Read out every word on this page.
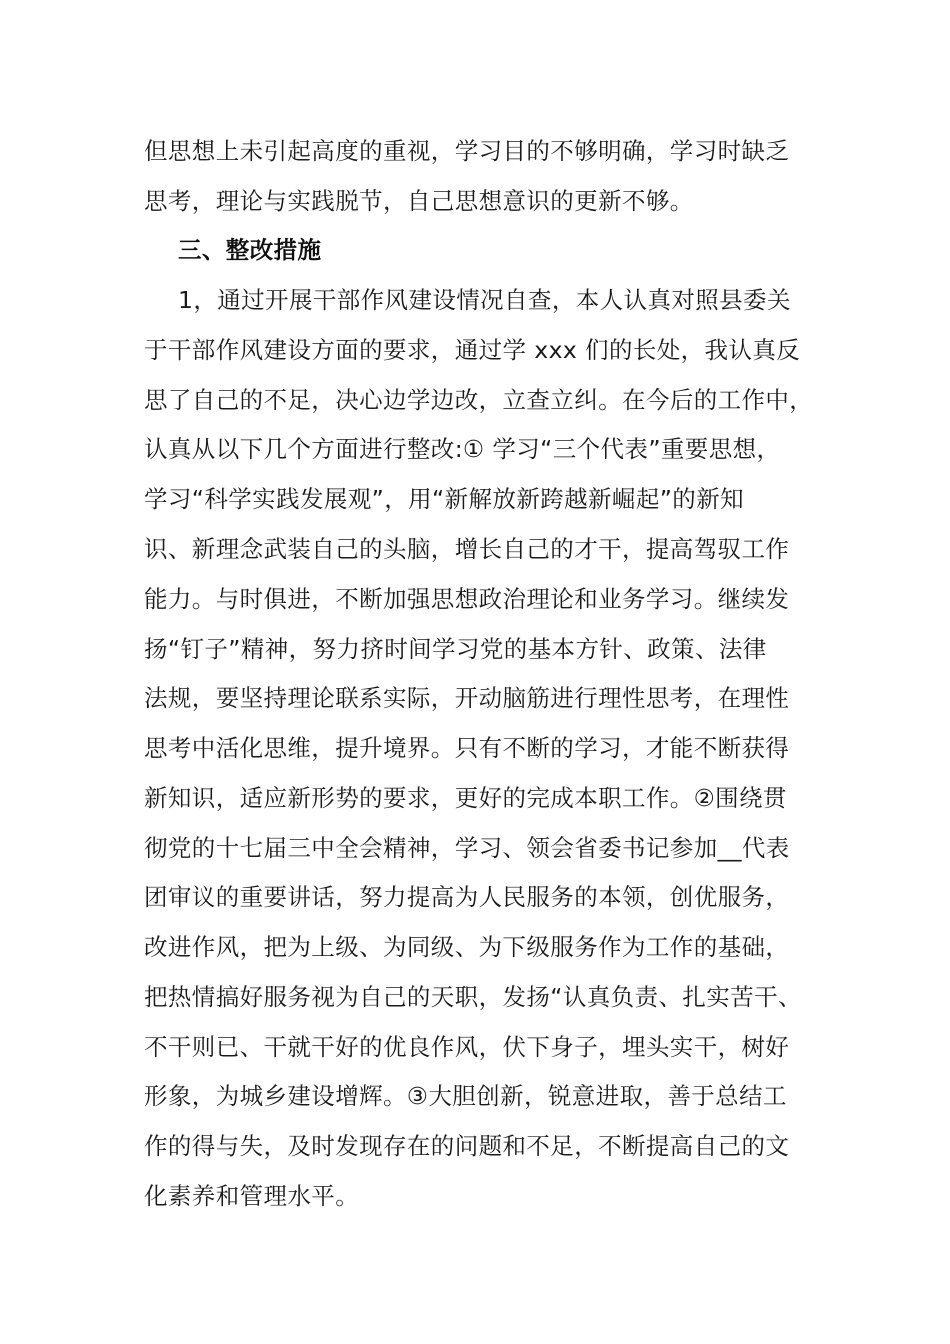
但思想上未引起高度的重视，学习目的不够明确，学习时缺乏
思考，理论与实践脱节，自己思想意识的更新不够。
三、整改措施
1，通过开展干部作风建设情况自查，本人认真对照县委关
于干部作风建设方面的要求，通过学 xxx 们的长处，我认真反
思了自己的不足，决心边学边改，立查立纠。在今后的工作中，
认真从以下几个方面进行整改:① 学习“三个代表”重要思想，
学习“科学实践发展观”，用“新解放新跨越新崛起”的新知
识、新理念武装自己的头脑，增长自己的才干，提高驾驭工作
能力。与时俱进，不断加强思想政治理论和业务学习。继续发
扬“钉子”精神，努力挤时间学习党的基本方针、政策、法律
法规，要坚持理论联系实际，开动脑筋进行理性思考，在理性
思考中活化思维，提升境界。只有不断的学习，才能不断获得
新知识，适应新形势的要求，更好的完成本职工作。②围绕贯
彻党的十七届三中全会精神，学习、领会省委书记参加__代表
团审议的重要讲话，努力提高为人民服务的本领，创优服务，
改进作风，把为上级、为同级、为下级服务作为工作的基础，
把热情搞好服务视为自己的天职，发扬“认真负责、扎实苦干、
不干则已、干就干好的优良作风，伏下身子，埋头实干，树好
形象，为城乡建设增辉。③大胆创新，锐意进取，善于总结工
作的得与失，及时发现存在的问题和不足，不断提高自己的文
化素养和管理水平。
